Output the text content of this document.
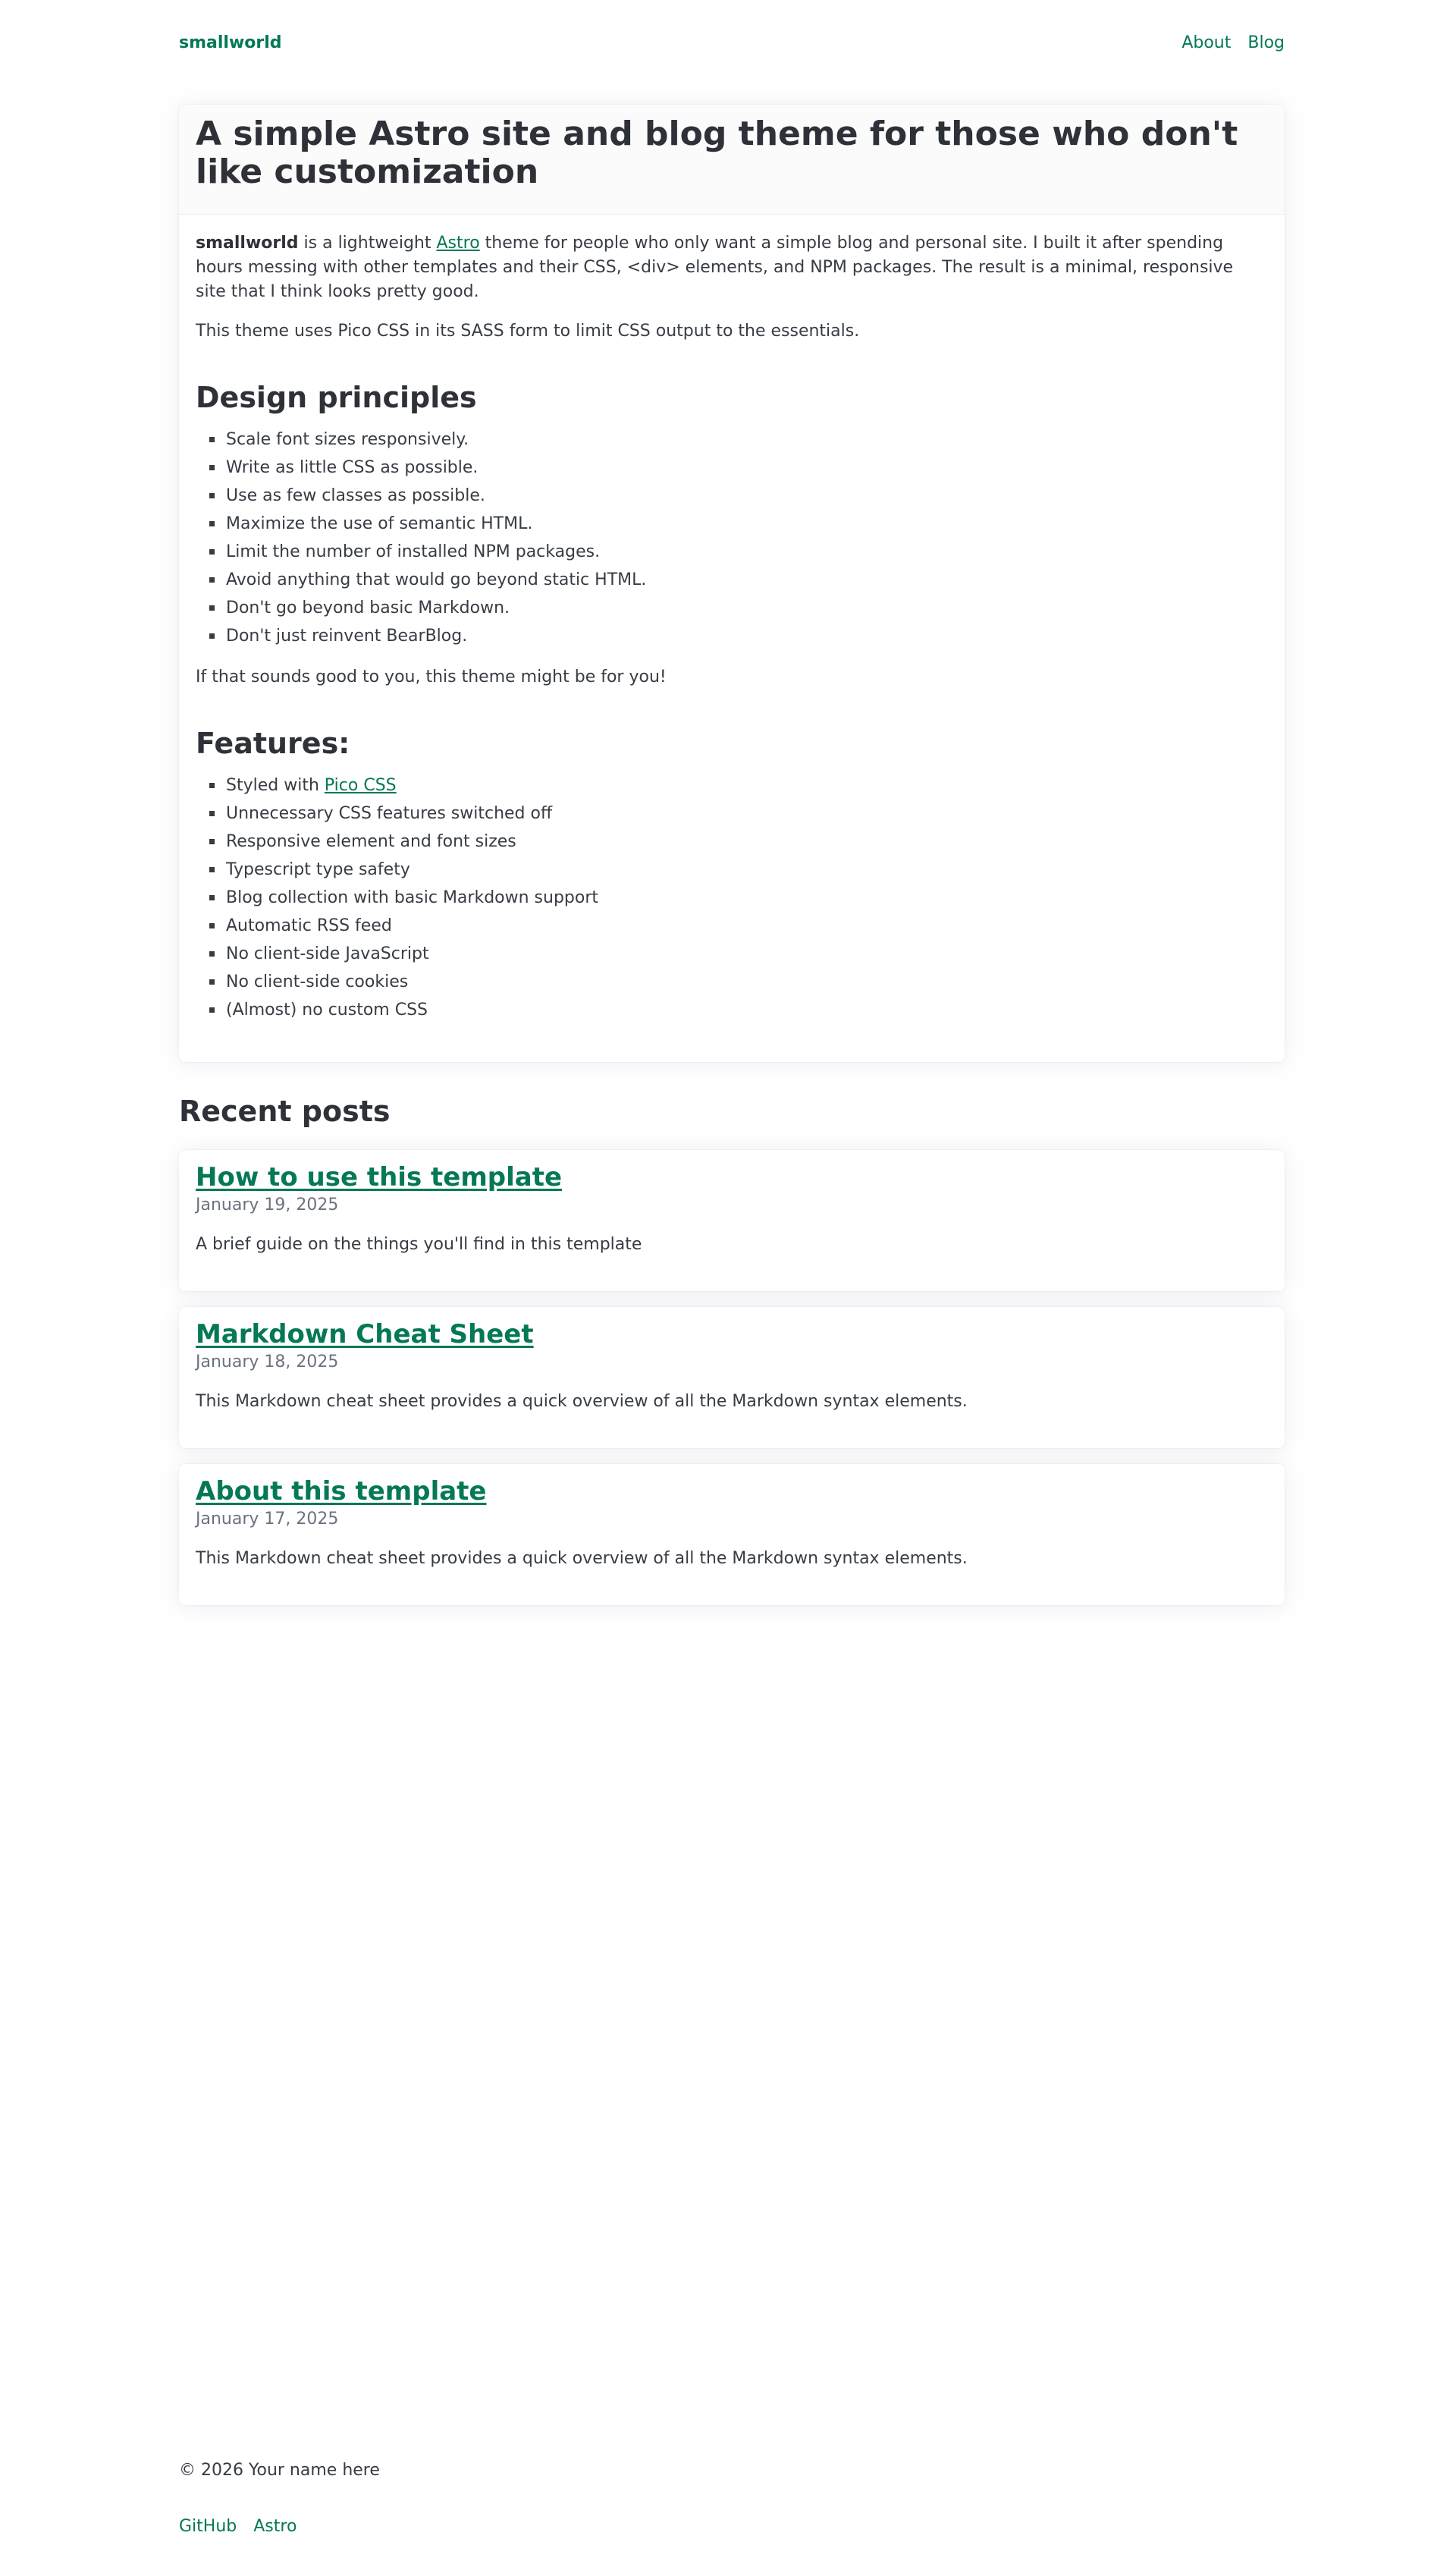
smallworld	About Blog
A simple Astro site and blog theme for those who don't like customization

smallworld is a lightweight Astro theme for people who only want a simple blog and personal site. I built it after spending hours messing with other templates and their CSS, <div> elements, and NPM packages. The result is a minimal, responsive site that I think looks pretty good.

This theme uses Pico CSS in its SASS form to limit CSS output to the essentials.

Design principles
Scale font sizes responsively.
Write as little CSS as possible.
Use as few classes as possible.
Maximize the use of semantic HTML.
Limit the number of installed NPM packages.
Avoid anything that would go beyond static HTML.
Don't go beyond basic Markdown.
Don't just reinvent BearBlog.

If that sounds good to you, this theme might be for you!

Features:
Styled with Pico CSS
Unnecessary CSS features switched off
Responsive element and font sizes
Typescript type safety
Blog collection with basic Markdown support
Automatic RSS feed
No client-side JavaScript
No client-side cookies
(Almost) no custom CSS
Recent posts
How to use this template
January 19, 2025
A brief guide on the things you'll find in this template
Markdown Cheat Sheet
January 18, 2025
This Markdown cheat sheet provides a quick overview of all the Markdown syntax elements.
About this template
January 17, 2025
This Markdown cheat sheet provides a quick overview of all the Markdown syntax elements.
© 2026 Your name here
GitHub Astro
